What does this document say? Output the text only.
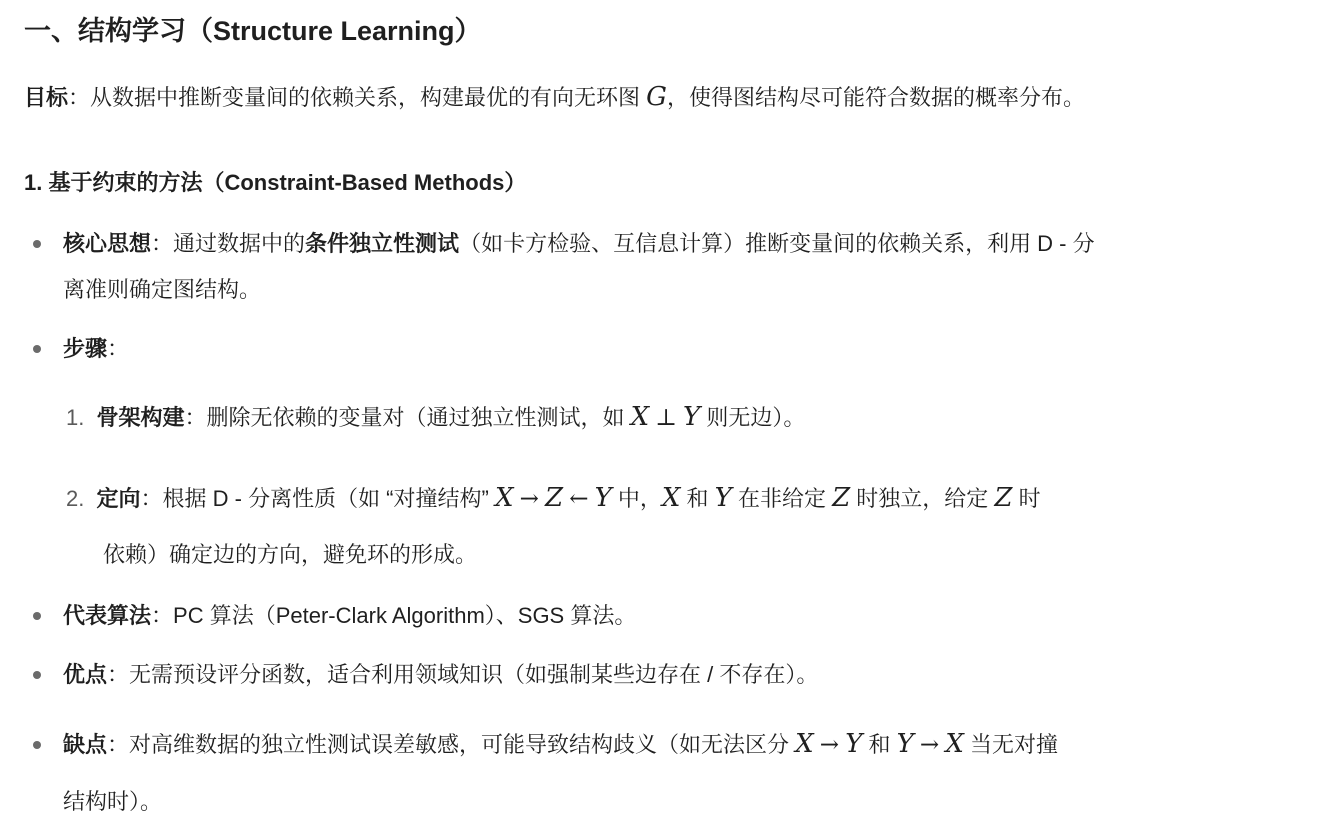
一、结构学习（Structure Learning）
目标：从数据中推断变量间的依赖关系，构建最优的有向无环图 G，使得图结构尽可能符合数据的概率分布。
1. 基于约束的方法（Constraint-Based Methods）
核心思想：通过数据中的条件独立性测试（如卡方检验、互信息计算）推断变量间的依赖关系，利用 D - 分
离准则确定图结构。
步骤：
1. 骨架构建：删除无依赖的变量对（通过独立性测试，如 X ⊥ Y 则无边）。
2. 定向：根据 D - 分离性质（如 “对撞结构” X → Z ← Y 中，X 和 Y 在非给定 Z 时独立，给定 Z 时
依赖）确定边的方向，避免环的形成。
代表算法：PC 算法（Peter-Clark Algorithm）、SGS 算法。
优点：无需预设评分函数，适合利用领域知识（如强制某些边存在 / 不存在）。
缺点：对高维数据的独立性测试误差敏感，可能导致结构歧义（如无法区分 X → Y 和 Y → X 当无对撞
结构时）。
